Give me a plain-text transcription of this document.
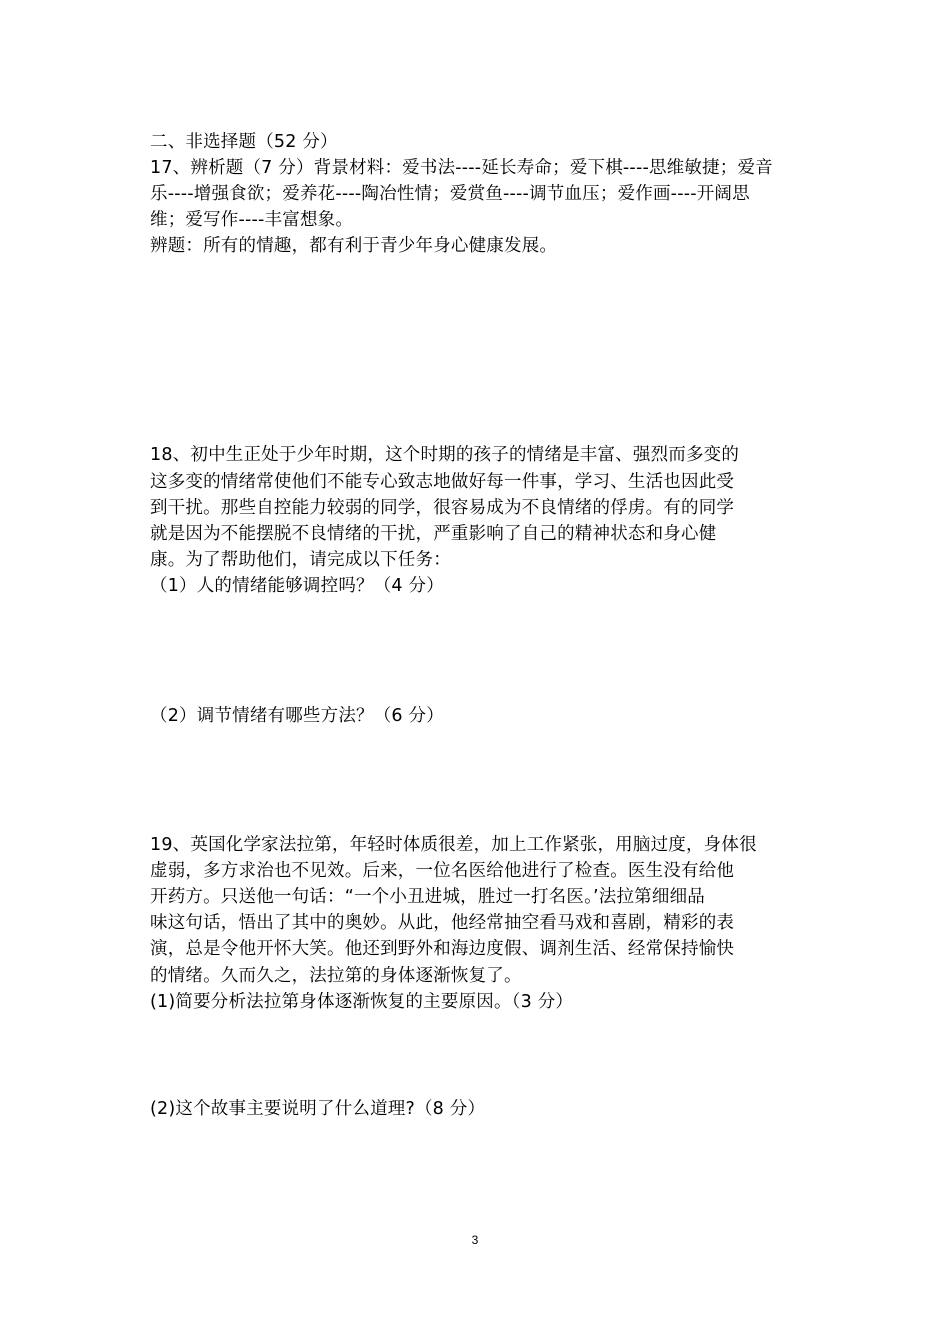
二、非选择题（52 分）
17、辨析题（7 分）背景材料：爱书法----延长寿命；爱下棋----思维敏捷；爱音
乐----增强食欲；爱养花----陶冶性情；爱赏鱼----调节血压；爱作画----开阔思
维；爱写作----丰富想象。
辨题：所有的情趣，都有利于青少年身心健康发展。
18、初中生正处于少年时期，这个时期的孩子的情绪是丰富、强烈而多变的
这多变的情绪常使他们不能专心致志地做好每一件事，学习、生活也因此受
到干扰。那些自控能力较弱的同学，很容易成为不良情绪的俘虏。有的同学
就是因为不能摆脱不良情绪的干扰，严重影响了自己的精神状态和身心健
康。为了帮助他们，请完成以下任务：
（1）人的情绪能够调控吗？（4 分）
（2）调节情绪有哪些方法？（6 分）
19、英国化学家法拉第，年轻时体质很差，加上工作紧张，用脑过度，身体很
虚弱，多方求治也不见效。后来，一位名医给他进行了检查。医生没有给他
开药方。只送他一句话：“一个小丑进城，胜过一打名医。’法拉第细细品
味这句话，悟出了其中的奥妙。从此，他经常抽空看马戏和喜剧，精彩的表
演，总是令他开怀大笑。他还到野外和海边度假、调剂生活、经常保持愉快
的情绪。久而久之，法拉第的身体逐渐恢复了。
(1)简要分析法拉第身体逐渐恢复的主要原因。（3 分）
(2)这个故事主要说明了什么道理?（8 分）
3
